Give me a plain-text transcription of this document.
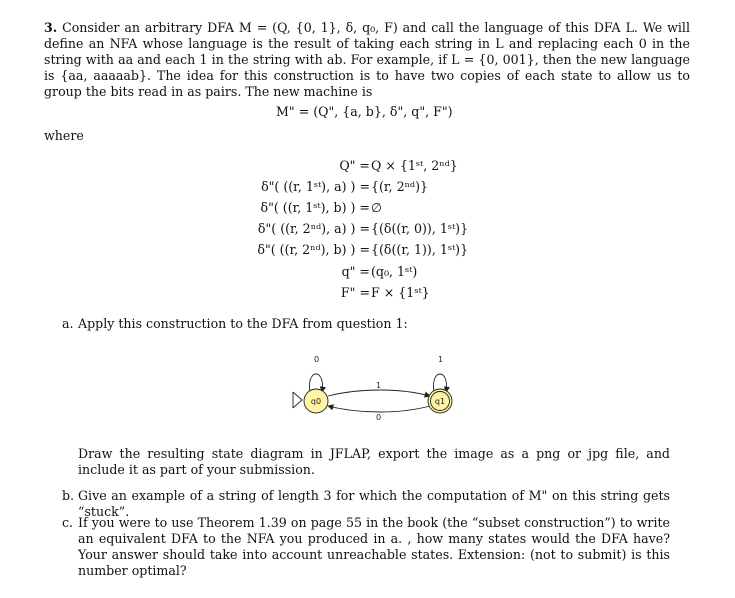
3. Consider an arbitrary DFA M = (Q, {0, 1}, δ, q₀, F) and call the language of this DFA L. We will define an NFA whose language is the result of taking each string in L and replacing each 0 in the string with aa and each 1 in the string with ab. For example, if L = {0, 001}, then the new language is {aa, aaaaab}. The idea for this construction is to have two copies of each state to allow us to group the bits read in as pairs. The new machine is
M" = (Q", {a, b}, δ", q", F")
where
Q" = Q × {1ˢᵗ, 2ⁿᵈ}
δ"( ((r, 1ˢᵗ), a) ) = {(r, 2ⁿᵈ)}
δ"( ((r, 1ˢᵗ), b) ) = ∅
δ"( ((r, 2ⁿᵈ), a) ) = {(δ((r, 0)), 1ˢᵗ)}
δ"( ((r, 2ⁿᵈ), b) ) = {(δ((r, 1)), 1ˢᵗ)}
q" = (q₀, 1ˢᵗ)
F" = F × {1ˢᵗ}
a. Apply this construction to the DFA from question 1:
0	1
1
0
q0	q1
Draw the resulting state diagram in JFLAP, export the image as a png or jpg file, and include it as part of your submission.
b. Give an example of a string of length 3 for which the computation of M" on this string gets “stuck”.
c. If you were to use Theorem 1.39 on page 55 in the book (the “subset construction”) to write an equivalent DFA to the NFA you produced in a. , how many states would the DFA have? Your answer should take into account unreachable states. Extension: (not to submit) is this number optimal?
